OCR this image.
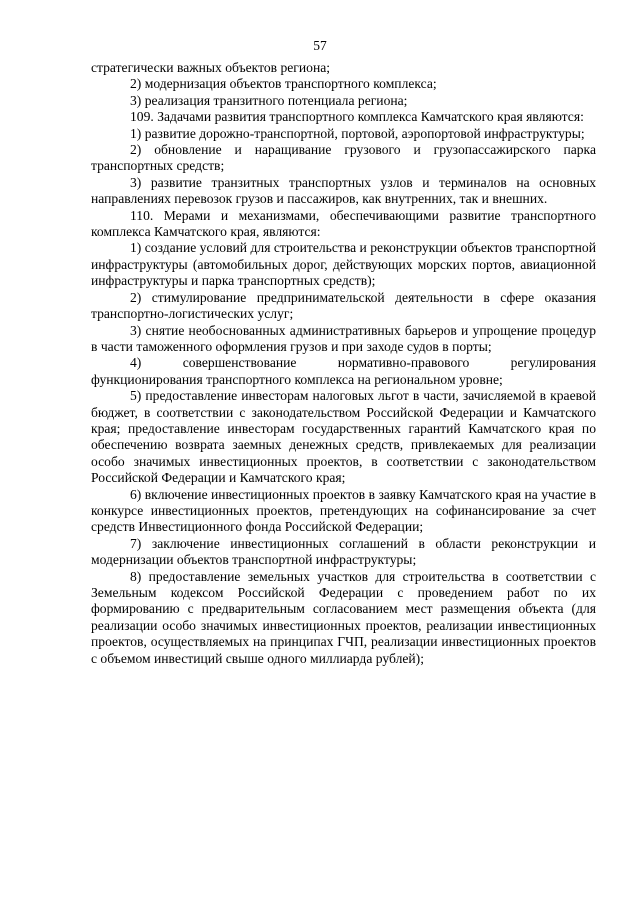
57

стратегически важных объектов региона;

2) модернизация объектов транспортного комплекса;

3) реализация транзитного потенциала региона;

109. Задачами развития транспортного комплекса Камчатского края являются:

1) развитие дорожно-транспортной, портовой, аэропортовой инфраструктуры;

2) обновление и наращивание грузового и грузопассажирского парка транспортных средств;

3) развитие транзитных транспортных узлов и терминалов на основных направлениях перевозок грузов и пассажиров, как внутренних, так и внешних.

110. Мерами и механизмами, обеспечивающими развитие транспортного комплекса Камчатского края, являются:

1) создание условий для строительства и реконструкции объектов транспортной инфраструктуры (автомобильных дорог, действующих морских портов, авиационной инфраструктуры и парка транспортных средств);

2) стимулирование предпринимательской деятельности в сфере оказания транспортно-логистических услуг;

3) снятие необоснованных административных барьеров и упрощение процедур в части таможенного оформления грузов и при заходе судов в порты;

4) совершенствование нормативно-правового регулирования функционирования транспортного комплекса на региональном уровне;

5) предоставление инвесторам налоговых льгот в части, зачисляемой в краевой бюджет, в соответствии с законодательством Российской Федерации и Камчатского края; предоставление инвесторам государственных гарантий Камчатского края по обеспечению возврата заемных денежных средств, привлекаемых для реализации особо значимых инвестиционных проектов, в соответствии с законодательством Российской Федерации и Камчатского края;

6) включение инвестиционных проектов в заявку Камчатского края на участие в конкурсе инвестиционных проектов, претендующих на софинансирование за счет средств Инвестиционного фонда Российской Федерации;

7) заключение инвестиционных соглашений в области реконструкции и модернизации объектов транспортной инфраструктуры;

8) предоставление земельных участков для строительства в соответствии с Земельным кодексом Российской Федерации с проведением работ по их формированию с предварительным согласованием мест размещения объекта (для реализации особо значимых инвестиционных проектов, реализации инвестиционных проектов, осуществляемых на принципах ГЧП, реализации инвестиционных проектов с объемом инвестиций свыше одного миллиарда рублей);
